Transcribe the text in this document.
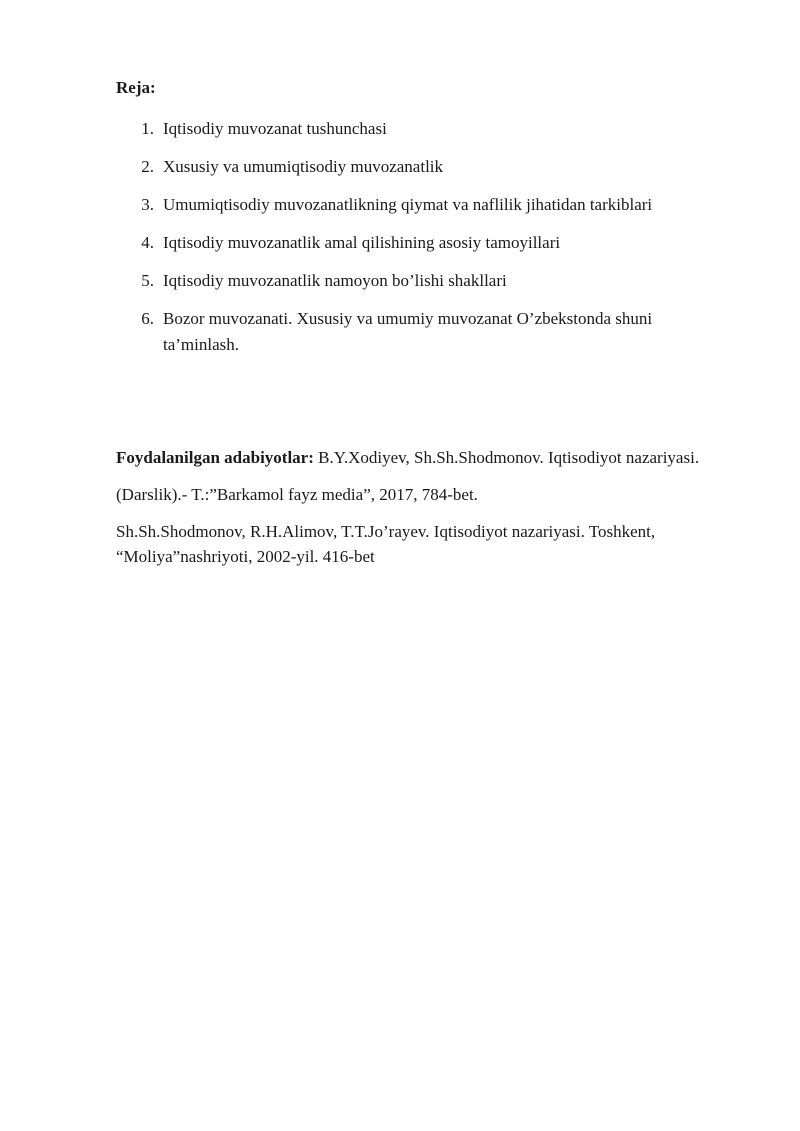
Reja:
1. Iqtisodiy muvozanat tushunchasi
2. Xususiy va umumiqtisodiy muvozanatlik
3. Umumiqtisodiy muvozanatlikning qiymat va naflilik jihatidan tarkiblari
4. Iqtisodiy muvozanatlik amal qilishining asosiy tamoyillari
5. Iqtisodiy muvozanatlik namoyon bo’lishi shakllari
6. Bozor muvozanati. Xususiy va umumiy muvozanat O’zbekstonda shuni ta’minlash.

Foydalanilgan adabiyotlar: B.Y.Xodiyev, Sh.Sh.Shodmonov. Iqtisodiyot nazariyasi.

(Darslik).- T.:”Barkamol fayz media”, 2017, 784-bet.

Sh.Sh.Shodmonov, R.H.Alimov, T.T.Jo’rayev. Iqtisodiyot nazariyasi. Toshkent, “Moliya”nashriyoti, 2002-yil. 416-bet
